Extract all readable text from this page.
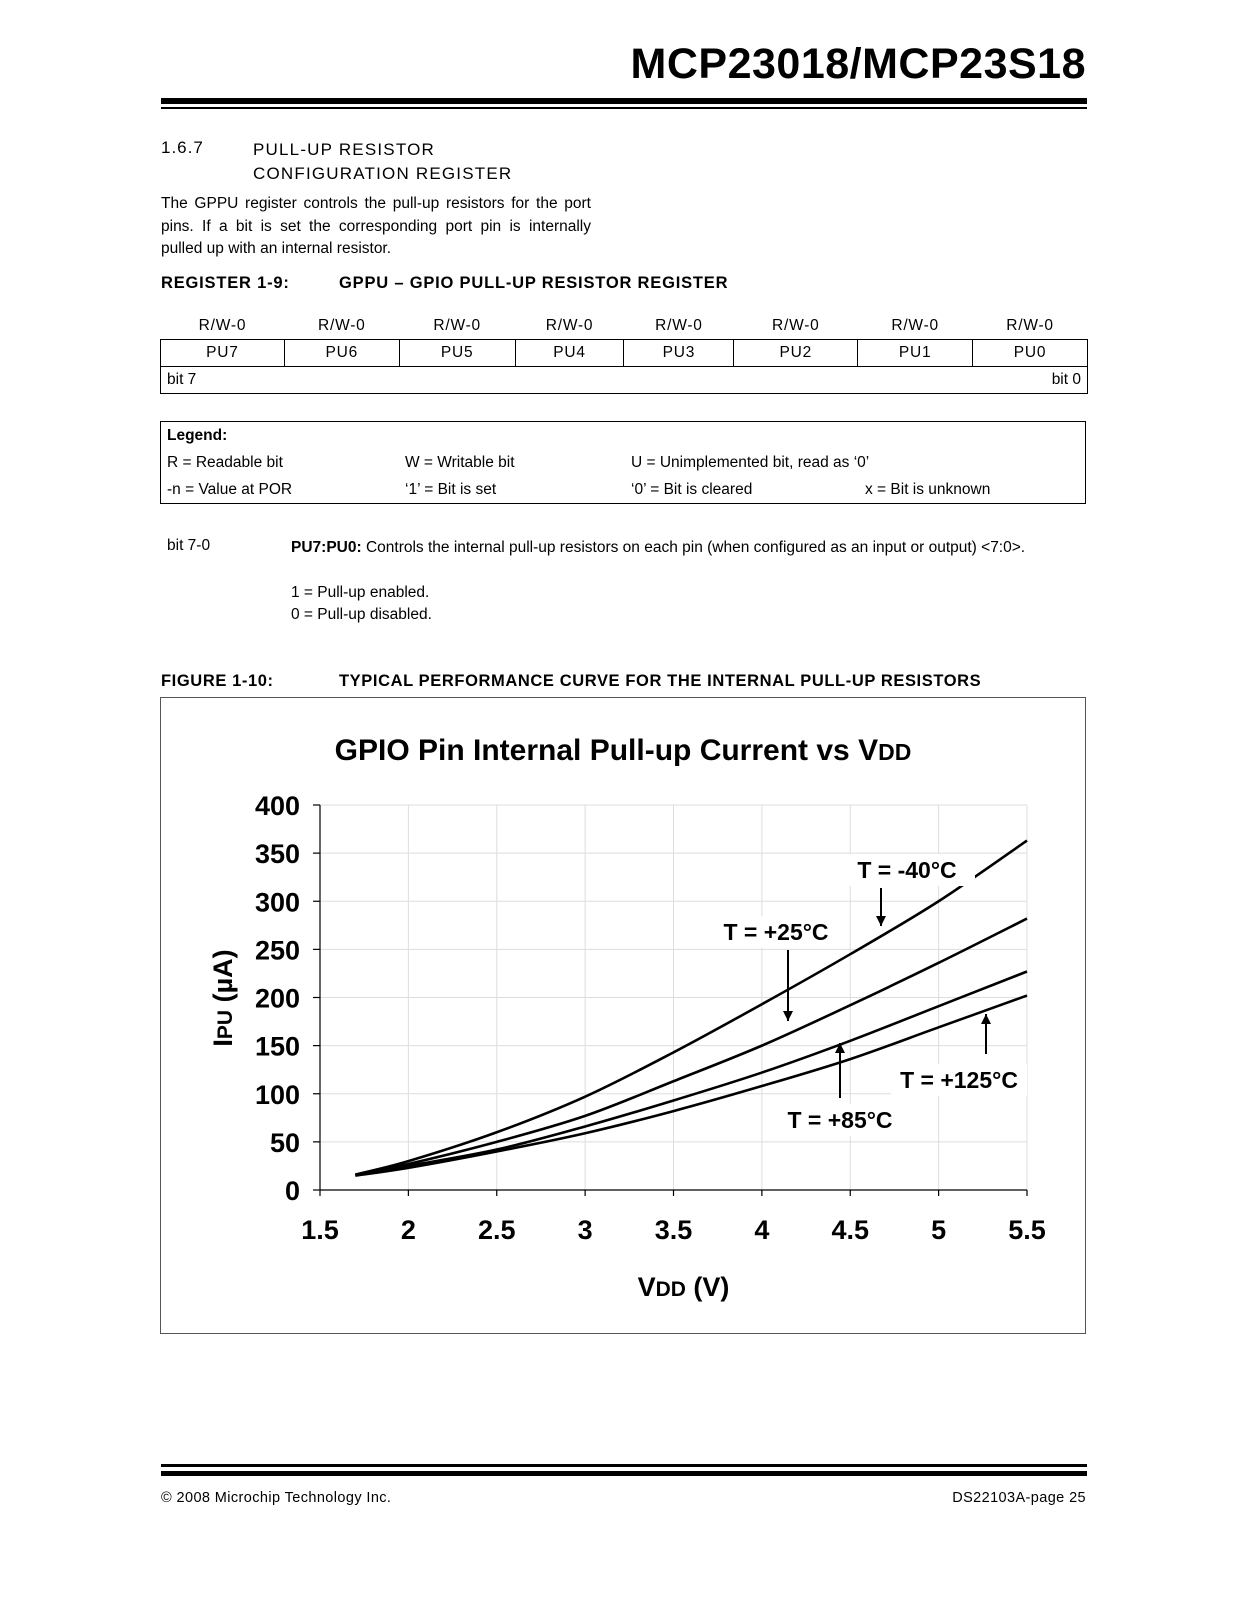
MCP23018/MCP23S18
1.6.7	PULL-UP RESISTOR
CONFIGURATION REGISTER
The GPPU register controls the pull-up resistors for the port pins. If a bit is set the corresponding port pin is internally pulled up with an internal resistor.
REGISTER 1-9:	GPPU – GPIO PULL-UP RESISTOR REGISTER
R/W-0	R/W-0	R/W-0	R/W-0	R/W-0	R/W-0	R/W-0	R/W-0
PU7	PU6	PU5	PU4	PU3	PU2	PU1	PU0
bit 7 bit 0							
Legend:
R = Readable bit	W = Writable bit	U = Unimplemented bit, read as ‘0’
-n = Value at POR	‘1’ = Bit is set	‘0’ = Bit is cleared	x = Bit is unknown
bit 7-0	PU7:PU0: Controls the internal pull-up resistors on each pin (when configured as an input or output) <7:0>.
1 = Pull-up enabled.
0 = Pull-up disabled.
FIGURE 1-10:	TYPICAL PERFORMANCE CURVE FOR THE INTERNAL PULL-UP RESISTORS
1.5 2 2.5 3 3.5 4 4.5 5 5.5
0
50
100
150
200
250
300
350
400
GPIO Pin Internal Pull-up Current vs VDD
VDD (V)
IPU (µA)
T = -40°C
T = +25°C
T = +85°C
T = +125°C
© 2008 Microchip Technology Inc.	DS22103A-page 25
